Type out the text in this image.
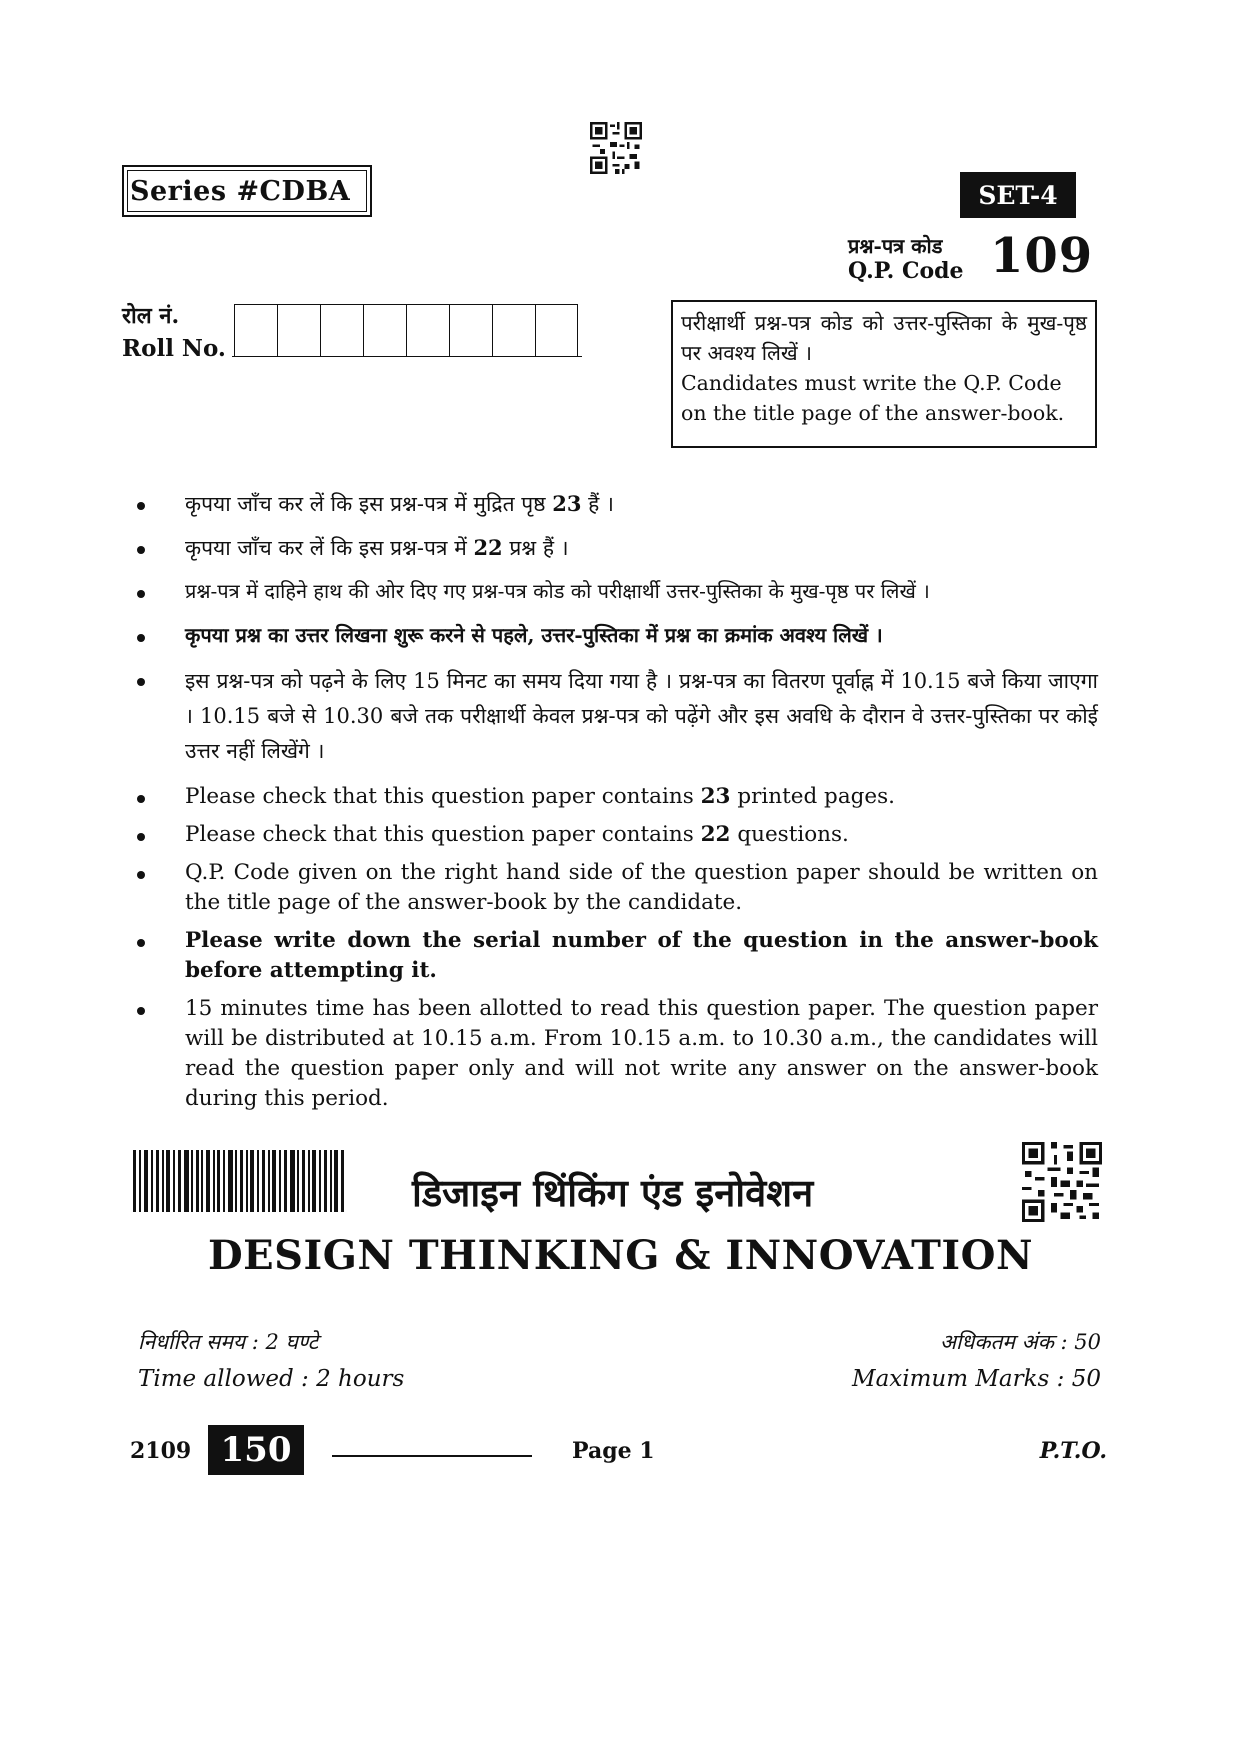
Series #CDBA	SET-4
प्रश्न-पत्र कोड
Q.P. Code 109
रोल नं.
Roll No.

परीक्षार्थी प्रश्न-पत्र कोड को उत्तर-पुस्तिका के मुख-पृष्ठ पर अवश्य लिखें ।

Candidates must write the Q.P. Code on the title page of the answer-book.

कृपया जाँच कर लें कि इस प्रश्न-पत्र में मुद्रित पृष्ठ 23 हैं ।
कृपया जाँच कर लें कि इस प्रश्न-पत्र में 22 प्रश्न हैं ।
प्रश्न-पत्र में दाहिने हाथ की ओर दिए गए प्रश्न-पत्र कोड को परीक्षार्थी उत्तर-पुस्तिका के मुख-पृष्ठ पर लिखें ।
कृपया प्रश्न का उत्तर लिखना शुरू करने से पहले, उत्तर-पुस्तिका में प्रश्न का क्रमांक अवश्य लिखें ।
इस प्रश्न-पत्र को पढ़ने के लिए 15 मिनट का समय दिया गया है । प्रश्न-पत्र का वितरण पूर्वाह्न में 10.15 बजे किया जाएगा । 10.15 बजे से 10.30 बजे तक परीक्षार्थी केवल प्रश्न-पत्र को पढ़ेंगे और इस अवधि के दौरान वे उत्तर-पुस्तिका पर कोई उत्तर नहीं लिखेंगे ।
Please check that this question paper contains 23 printed pages.
Please check that this question paper contains 22 questions.
Q.P. Code given on the right hand side of the question paper should be written on the title page of the answer-book by the candidate.
Please write down the serial number of the question in the answer-book before attempting it.
15 minutes time has been allotted to read this question paper. The question paper will be distributed at 10.15 a.m. From 10.15 a.m. to 10.30 a.m., the candidates will read the question paper only and will not write any answer on the answer-book during this period.
डिजाइन थिंकिंग एंड इनोवेशन
DESIGN THINKING & INNOVATION
निर्धारित समय : 2 घण्टे
Time allowed : 2 hours
अधिकतम अंक : 50
Maximum Marks : 50
2109 150	Page 1	P.T.O.
